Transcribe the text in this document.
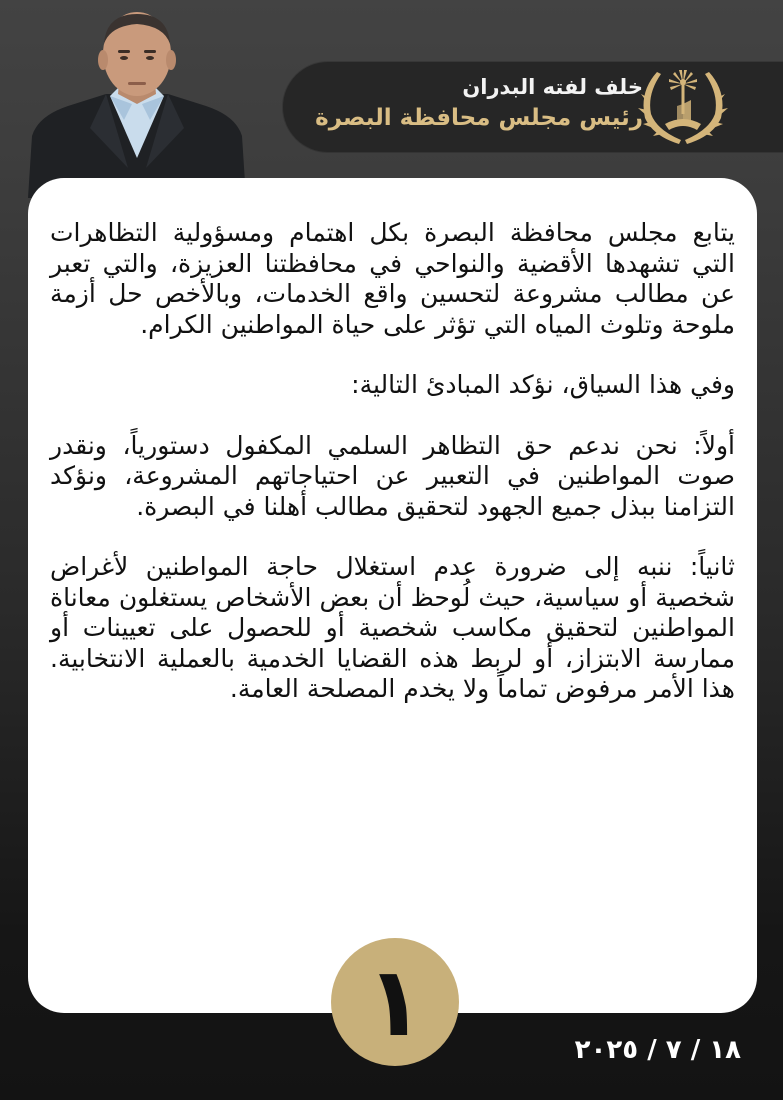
خلف لفته البدران
رئيس مجلس محافظة البصرة

يتابع مجلس محافظة البصرة بكل اهتمام ومسؤولية التظاهرات التي تشهدها الأقضية والنواحي في محافظتنا العزيزة، والتي تعبر عن مطالب مشروعة لتحسين واقع الخدمات، وبالأخص حل أزمة ملوحة وتلوث المياه التي تؤثر على حياة المواطنين الكرام.

وفي هذا السياق، نؤكد المبادئ التالية:

أولاً: نحن ندعم حق التظاهر السلمي المكفول دستورياً، ونقدر صوت المواطنين في التعبير عن احتياجاتهم المشروعة، ونؤكد التزامنا ببذل جميع الجهود لتحقيق مطالب أهلنا في البصرة.

ثانياً: ننبه إلى ضرورة عدم استغلال حاجة المواطنين لأغراض شخصية أو سياسية، حيث لُوحظ أن بعض الأشخاص يستغلون معاناة المواطنين لتحقيق مكاسب شخصية أو للحصول على تعيينات أو ممارسة الابتزاز، أو لربط هذه القضايا الخدمية بالعملية الانتخابية. هذا الأمر مرفوض تماماً ولا يخدم المصلحة العامة.

١	١٨ / ٧ / ٢٠٢٥
